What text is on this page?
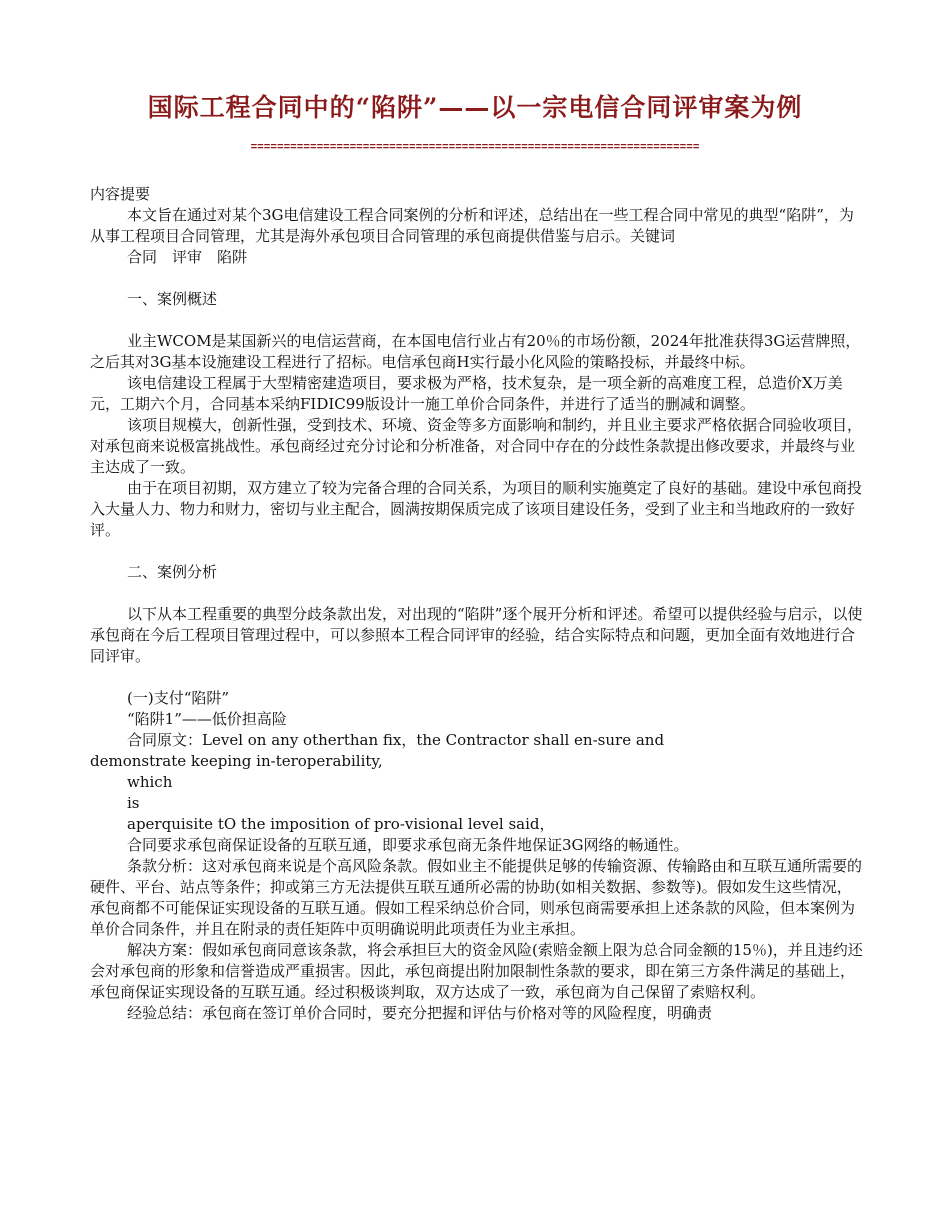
国际工程合同中的“陷阱”——以一宗电信合同评审案为例
====================================================================

内容提要

本文旨在通过对某个3G电信建设工程合同案例的分析和评述，总结出在一些工程合同中常见的典型“陷阱”，为从事工程项目合同管理，尤其是海外承包项目合同管理的承包商提供借鉴与启示。关键词

合同　评审　陷阱

一、案例概述

业主WCOM是某国新兴的电信运营商，在本国电信行业占有20％的市场份额，2024年批准获得3G运营牌照，之后其对3G基本设施建设工程进行了招标。电信承包商H实行最小化风险的策略投标，并最终中标。

该电信建设工程属于大型精密建造项目，要求极为严格，技术复杂，是一项全新的高难度工程，总造价X万美元，工期六个月，合同基本采纳FIDIC99版设计一施工单价合同条件，并进行了适当的删减和调整。

该项目规模大，创新性强，受到技术、环境、资金等多方面影响和制约，并且业主要求严格依据合同验收项目，对承包商来说极富挑战性。承包商经过充分讨论和分析准备，对合同中存在的分歧性条款提出修改要求，并最终与业主达成了一致。

由于在项目初期，双方建立了较为完备合理的合同关系，为项目的顺利实施奠定了良好的基础。建设中承包商投入大量人力、物力和财力，密切与业主配合，圆满按期保质完成了该项目建设任务，受到了业主和当地政府的一致好评。

二、案例分析

以下从本工程重要的典型分歧条款出发，对出现的“陷阱”逐个展开分析和评述。希望可以提供经验与启示，以使承包商在今后工程项目管理过程中，可以参照本工程合同评审的经验，结合实际特点和问题，更加全面有效地进行合同评审。

(一)支付“陷阱”

“陷阱1”——低价担高险

合同原文：Level on any otherthan fix，the Contractor shall en-sure and

demonstrate keeping in-teroperability,

which

is

aperquisite tO the imposition of pro-visional level said，

合同要求承包商保证设备的互联互通，即要求承包商无条件地保证3G网络的畅通性。

条款分析：这对承包商来说是个高风险条款。假如业主不能提供足够的传输资源、传输路由和互联互通所需要的硬件、平台、站点等条件；抑或第三方无法提供互联互通所必需的协助(如相关数据、参数等)。假如发生这些情况，承包商都不可能保证实现设备的互联互通。假如工程采纳总价合同，则承包商需要承担上述条款的风险，但本案例为单价合同条件，并且在附录的责任矩阵中页明确说明此项责任为业主承担。

解决方案：假如承包商同意该条款，将会承担巨大的资金风险(索赔金额上限为总合同金额的15％)，并且违约还会对承包商的形象和信誉造成严重损害。因此，承包商提出附加限制性条款的要求，即在第三方条件满足的基础上，承包商保证实现设备的互联互通。经过积极谈判取，双方达成了一致，承包商为自己保留了索赔权利。

经验总结：承包商在签订单价合同时，要充分把握和评估与价格对等的风险程度，明确责
